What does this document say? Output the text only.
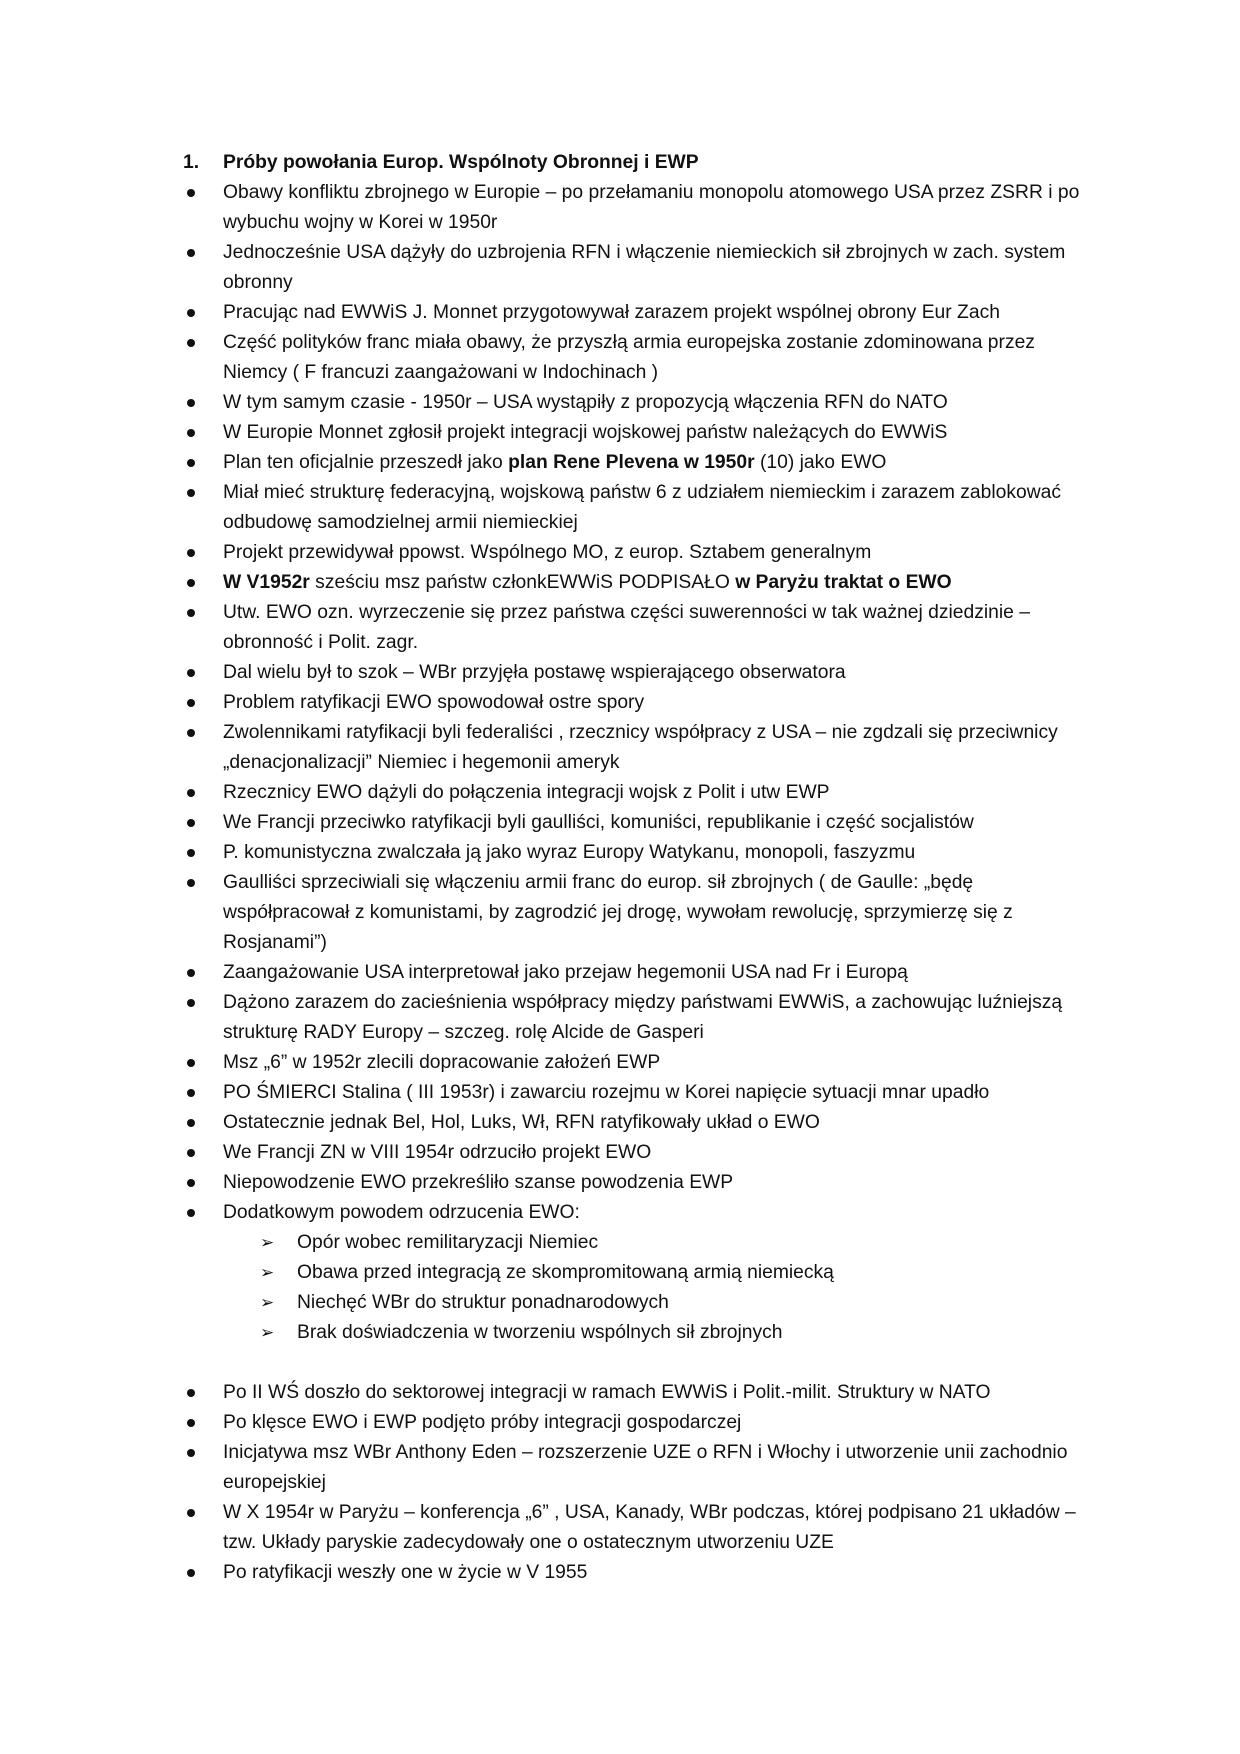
1. Próby powołania Europ. Wspólnoty Obronnej i EWP
Obawy konfliktu zbrojnego w Europie – po przełamaniu monopolu atomowego USA przez ZSRR i po wybuchu wojny w Korei w 1950r
Jednocześnie USA dążyły do uzbrojenia RFN i włączenie niemieckich sił zbrojnych w zach. system obronny
Pracując nad EWWiS J. Monnet przygotowywał zarazem projekt wspólnej obrony Eur Zach
Część polityków franc miała obawy, że przyszłą armia europejska zostanie zdominowana przez Niemcy ( F francuzi zaangażowani w Indochinach )
W tym samym czasie - 1950r – USA wystąpiły z propozycją włączenia RFN do NATO
W Europie Monnet zgłosił projekt integracji wojskowej państw należących do EWWiS
Plan ten oficjalnie przeszedł jako plan Rene Plevena w 1950r (10) jako EWO
Miał mieć strukturę federacyjną, wojskową państw 6 z udziałem niemieckim i zarazem zablokować odbudowę samodzielnej armii niemieckiej
Projekt przewidywał ppowst. Wspólnego MO, z europ. Sztabem generalnym
W V1952r sześciu msz państw członkEWWiS PODPISAŁO w Paryżu traktat o EWO
Utw. EWO ozn. wyrzeczenie się przez państwa części suwerenności w tak ważnej dziedzinie – obronność i Polit. zagr.
Dal wielu był to szok – WBr przyjęła postawę wspierającego obserwatora
Problem ratyfikacji EWO spowodował ostre spory
Zwolennikami ratyfikacji byli federaliści , rzecznicy współpracy z USA – nie zgdzali się przeciwnicy „denacjonalizacji” Niemiec i hegemonii ameryk
Rzecznicy EWO dążyli do połączenia integracji wojsk z Polit i utw EWP
We Francji przeciwko ratyfikacji byli gaulliści, komuniści, republikanie i część socjalistów
P. komunistyczna zwalczała ją jako wyraz Europy Watykanu, monopoli, faszyzmu
Gaulliści sprzeciwiali się włączeniu armii franc do europ. sił zbrojnych ( de Gaulle: „będę współpracował z komunistami, by zagrodzić jej drogę, wywołam rewolucję, sprzymierzę się z Rosjanami”)
Zaangażowanie USA interpretował jako przejaw hegemonii USA nad Fr i Europą
Dążono zarazem do zacieśnienia współpracy między państwami EWWiS, a zachowując luźniejszą strukturę RADY Europy – szczeg. rolę Alcide de Gasperi
Msz „6” w 1952r zlecili dopracowanie założeń EWP
PO ŚMIERCI Stalina ( III 1953r) i zawarciu rozejmu w Korei napięcie sytuacji mnar upadło
Ostatecznie jednak Bel, Hol, Luks, Wł, RFN ratyfikowały układ o EWO
We Francji ZN w VIII 1954r odrzuciło projekt EWO
Niepowodzenie EWO przekreśliło szanse powodzenia EWP
Dodatkowym powodem odrzucenia EWO:
➢ Opór wobec remilitaryzacji Niemiec
➢ Obawa przed integracją ze skompromitowaną armią niemiecką
➢ Niechęć WBr do struktur ponadnarodowych
➢ Brak doświadczenia w tworzeniu wspólnych sił zbrojnych
Po II WŚ doszło do sektorowej integracji w ramach EWWiS i Polit.-milit. Struktury w NATO
Po klęsce EWO i EWP podjęto próby integracji gospodarczej
Inicjatywa msz WBr Anthony Eden – rozszerzenie UZE o RFN i Włochy i utworzenie unii zachodnio europejskiej
W X 1954r w Paryżu – konferencja „6” , USA, Kanady, WBr podczas, której podpisano 21 układów – tzw. Układy paryskie zadecydowały one o ostatecznym utworzeniu UZE
Po ratyfikacji weszły one w życie w V 1955
